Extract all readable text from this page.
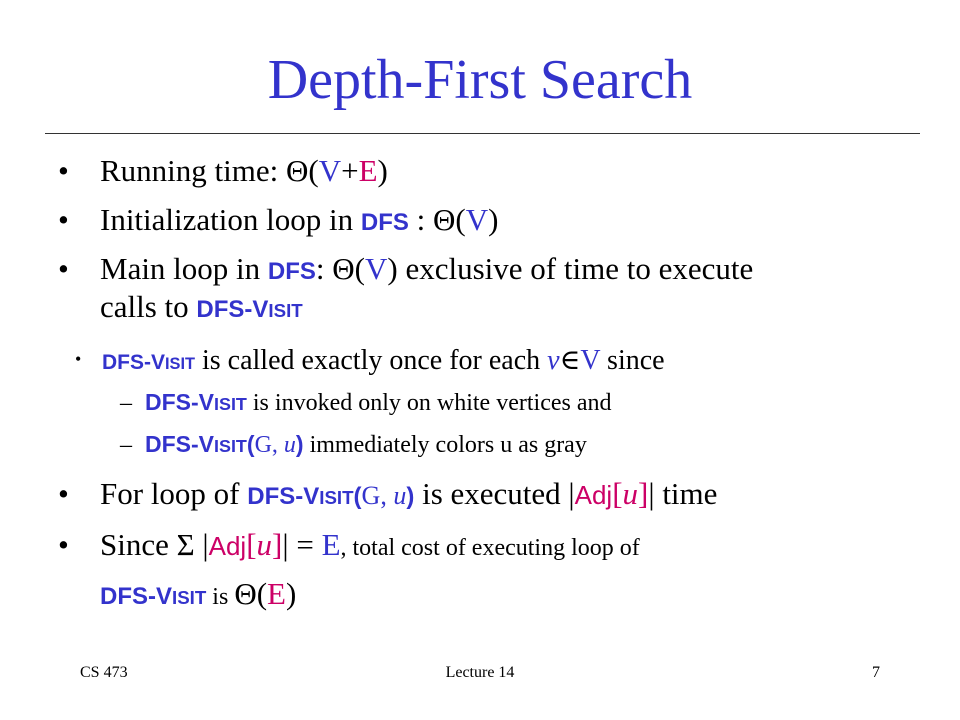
Depth-First Search
• Running time: Θ(V+E)
• Initialization loop in DFS : Θ(V)
• Main loop in DFS: Θ(V) exclusive of time to execute
calls to DFS-VISIT
• DFS-VISIT is called exactly once for each v∈V since
– DFS-VISIT is invoked only on white vertices and
– DFS-VISIT(G, u) immediately colors u as gray
• For loop of DFS-VISIT(G, u) is executed |Adj[u]| time
• Since Σ |Adj[u]| = E, total cost of executing loop of
DFS-VISIT is Θ(E)
CS 473	Lecture 14	7
